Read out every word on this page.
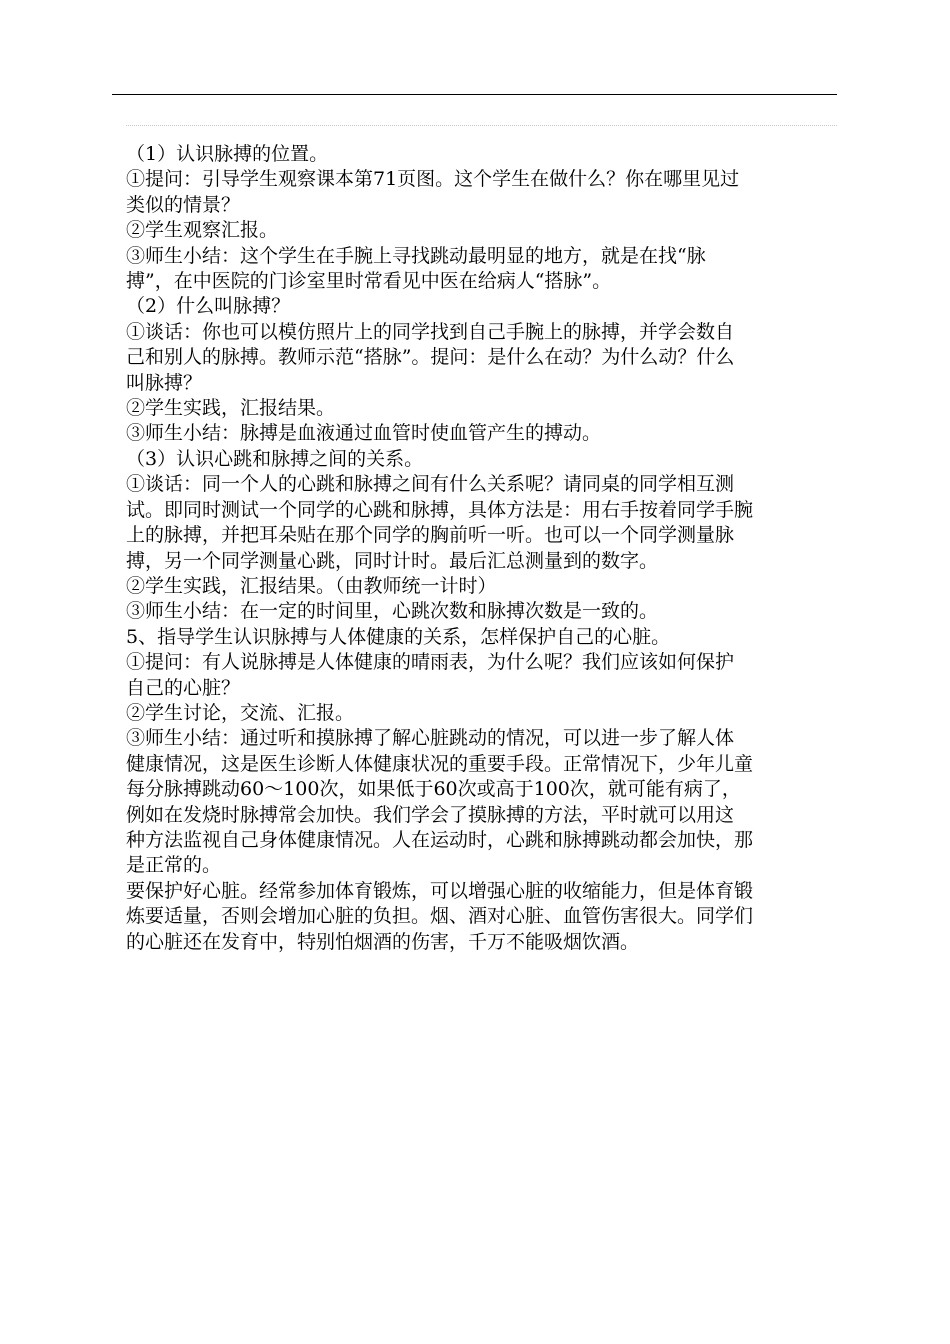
（1）认识脉搏的位置。

①提问：引导学生观察课本第71页图。这个学生在做什么？你在哪里见过

类似的情景？

②学生观察汇报。

③师生小结：这个学生在手腕上寻找跳动最明显的地方，就是在找“脉

搏”，在中医院的门诊室里时常看见中医在给病人“搭脉”。

（2）什么叫脉搏？

①谈话：你也可以模仿照片上的同学找到自己手腕上的脉搏，并学会数自

己和别人的脉搏。教师示范“搭脉”。提问：是什么在动？为什么动？什么

叫脉搏？

②学生实践，汇报结果。

③师生小结：脉搏是血液通过血管时使血管产生的搏动。

（3）认识心跳和脉搏之间的关系。

①谈话：同一个人的心跳和脉搏之间有什么关系呢？请同桌的同学相互测

试。即同时测试一个同学的心跳和脉搏，具体方法是：用右手按着同学手腕

上的脉搏，并把耳朵贴在那个同学的胸前听一听。也可以一个同学测量脉

搏，另一个同学测量心跳，同时计时。最后汇总测量到的数字。

②学生实践，汇报结果。（由教师统一计时）

③师生小结：在一定的时间里，心跳次数和脉搏次数是一致的。

5、指导学生认识脉搏与人体健康的关系，怎样保护自己的心脏。

①提问：有人说脉搏是人体健康的晴雨表，为什么呢？我们应该如何保护

自己的心脏？

②学生讨论，交流、汇报。

③师生小结：通过听和摸脉搏了解心脏跳动的情况，可以进一步了解人体

健康情况，这是医生诊断人体健康状况的重要手段。正常情况下，少年儿童

每分脉搏跳动60～100次，如果低于60次或高于100次，就可能有病了，

例如在发烧时脉搏常会加快。我们学会了摸脉搏的方法，平时就可以用这

种方法监视自己身体健康情况。人在运动时，心跳和脉搏跳动都会加快，那

是正常的。

要保护好心脏。经常参加体育锻炼，可以增强心脏的收缩能力，但是体育锻

炼要适量，否则会增加心脏的负担。烟、酒对心脏、血管伤害很大。同学们

的心脏还在发育中，特别怕烟酒的伤害，千万不能吸烟饮酒。
